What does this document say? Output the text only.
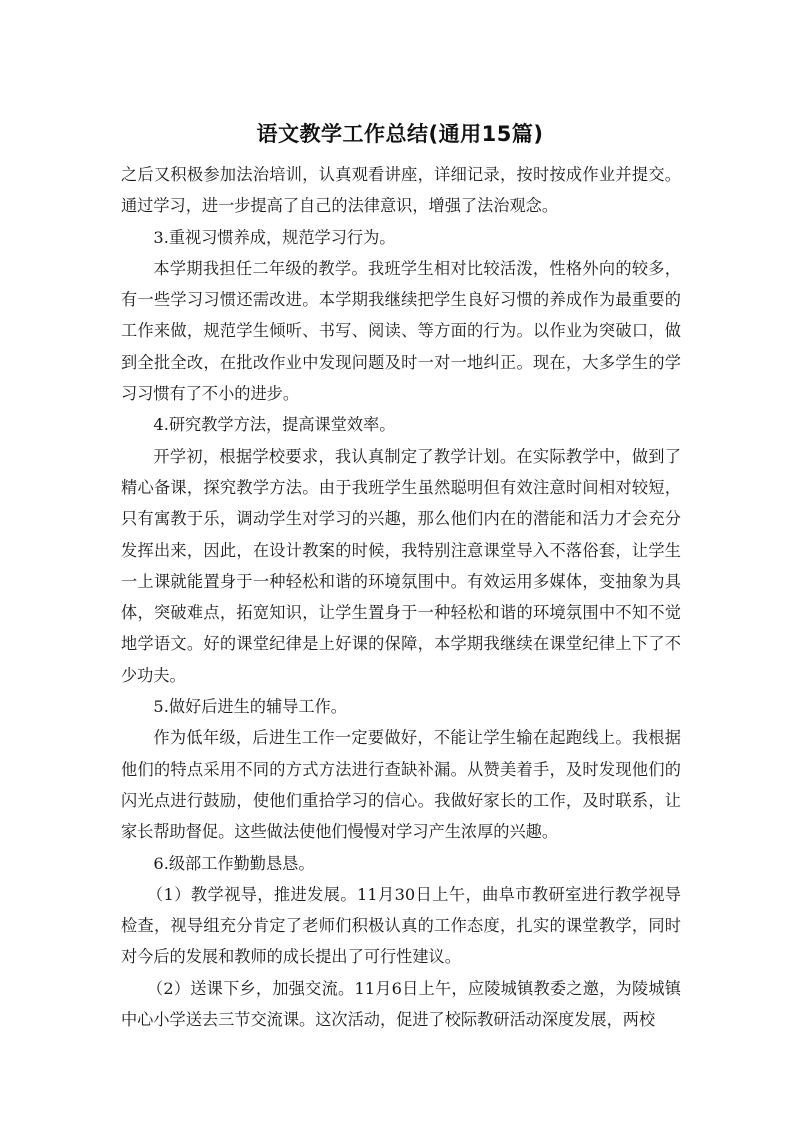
语文教学工作总结(通用15篇)

之后又积极参加法治培训，认真观看讲座，详细记录，按时按成作业并提交。通过学习，进一步提高了自己的法律意识，增强了法治观念。

3.重视习惯养成，规范学习行为。

本学期我担任二年级的教学。我班学生相对比较活泼，性格外向的较多，有一些学习习惯还需改进。本学期我继续把学生良好习惯的养成作为最重要的工作来做，规范学生倾听、书写、阅读、等方面的行为。以作业为突破口，做到全批全改，在批改作业中发现问题及时一对一地纠正。现在，大多学生的学习习惯有了不小的进步。

4.研究教学方法，提高课堂效率。

开学初，根据学校要求，我认真制定了教学计划。在实际教学中，做到了精心备课，探究教学方法。由于我班学生虽然聪明但有效注意时间相对较短，只有寓教于乐，调动学生对学习的兴趣，那么他们内在的潜能和活力才会充分发挥出来，因此，在设计教案的时候，我特别注意课堂导入不落俗套，让学生一上课就能置身于一种轻松和谐的环境氛围中。有效运用多媒体，变抽象为具体，突破难点，拓宽知识，让学生置身于一种轻松和谐的环境氛围中不知不觉地学语文。好的课堂纪律是上好课的保障，本学期我继续在课堂纪律上下了不少功夫。

5.做好后进生的辅导工作。

作为低年级，后进生工作一定要做好，不能让学生输在起跑线上。我根据他们的特点采用不同的方式方法进行查缺补漏。从赞美着手，及时发现他们的闪光点进行鼓励，使他们重拾学习的信心。我做好家长的工作，及时联系，让家长帮助督促。这些做法使他们慢慢对学习产生浓厚的兴趣。

6.级部工作勤勤恳恳。

（1）教学视导，推进发展。11月30日上午，曲阜市教研室进行教学视导检查，视导组充分肯定了老师们积极认真的工作态度，扎实的课堂教学，同时对今后的发展和教师的成长提出了可行性建议。

（2）送课下乡，加强交流。11月6日上午，应陵城镇教委之邀，为陵城镇中心小学送去三节交流课。这次活动，促进了校际教研活动深度发展，两校
